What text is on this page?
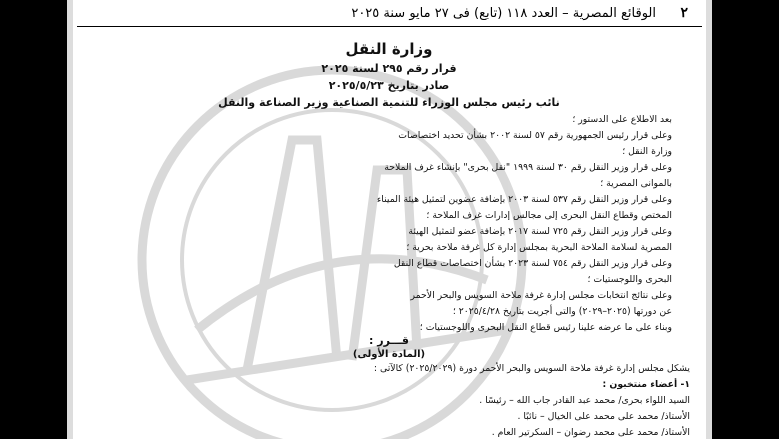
٢
الوقائع المصرية – العدد ١١٨ (تابع) فى ٢٧ مايو سنة ٢٠٢٥
وزارة النقل
قرار رقم ٢٩٥ لسنة ٢٠٢٥
صادر بتاريخ ٢٠٢٥/٥/٢٣
نائب رئيس مجلس الوزراء للتنمية الصناعية وزير الصناعة والنقل
بعد الاطلاع على الدستور ؛
وعلى قرار رئيس الجمهورية رقم ٥٧ لسنة ٢٠٠٢ بشأن تحديد اختصاصات
وزارة النقل ؛
وعلى قرار وزير النقل رقم ٣٠ لسنة ١٩٩٩ "نقل بحرى" بإنشاء غرف الملاحة
بالموانى المصرية ؛
وعلى قرار وزير النقل رقم ٥٣٧ لسنة ٢٠٠٣ بإضافة عضوين لتمثيل هيئة الميناء
المختص وقطاع النقل البحرى إلى مجالس إدارات غرف الملاحة ؛
وعلى قرار وزير النقل رقم ٧٢٥ لسنة ٢٠١٧ بإضافة عضو لتمثيل الهيئة
المصرية لسلامة الملاحة البحرية بمجلس إدارة كل غرفة ملاحة بحرية ؛
وعلى قرار وزير النقل رقم ٧٥٤ لسنة ٢٠٢٣ بشأن اختصاصات قطاع النقل
البحرى واللوجستيات ؛
وعلى نتائج انتخابات مجلس إدارة غرفة ملاحة السويس والبحر الأحمر
عن دورتها (٢٠٢٥–٢٠٢٩) والتى أجريت بتاريخ ٢٠٢٥/٤/٢٨ ؛
وبناء على ما عرضه علينا رئيس قطاع النقل البحرى واللوجستيات ؛
قـــرر :
(المادة الأولى)
يشكل مجلس إدارة غرفة ملاحة السويس والبحر الأحمر دورة (٢٠٢٥/٢٠٢٩) كالآتى :
١- أعضاء منتخبون :
السيد اللواء بحرى/ محمد عبد القادر جاب الله – رئيسًا .
الأستاذ/ محمد على محمد على الخيال – نائبًا .
الأستاذ/ محمد على محمد رضوان – السكرتير العام .
